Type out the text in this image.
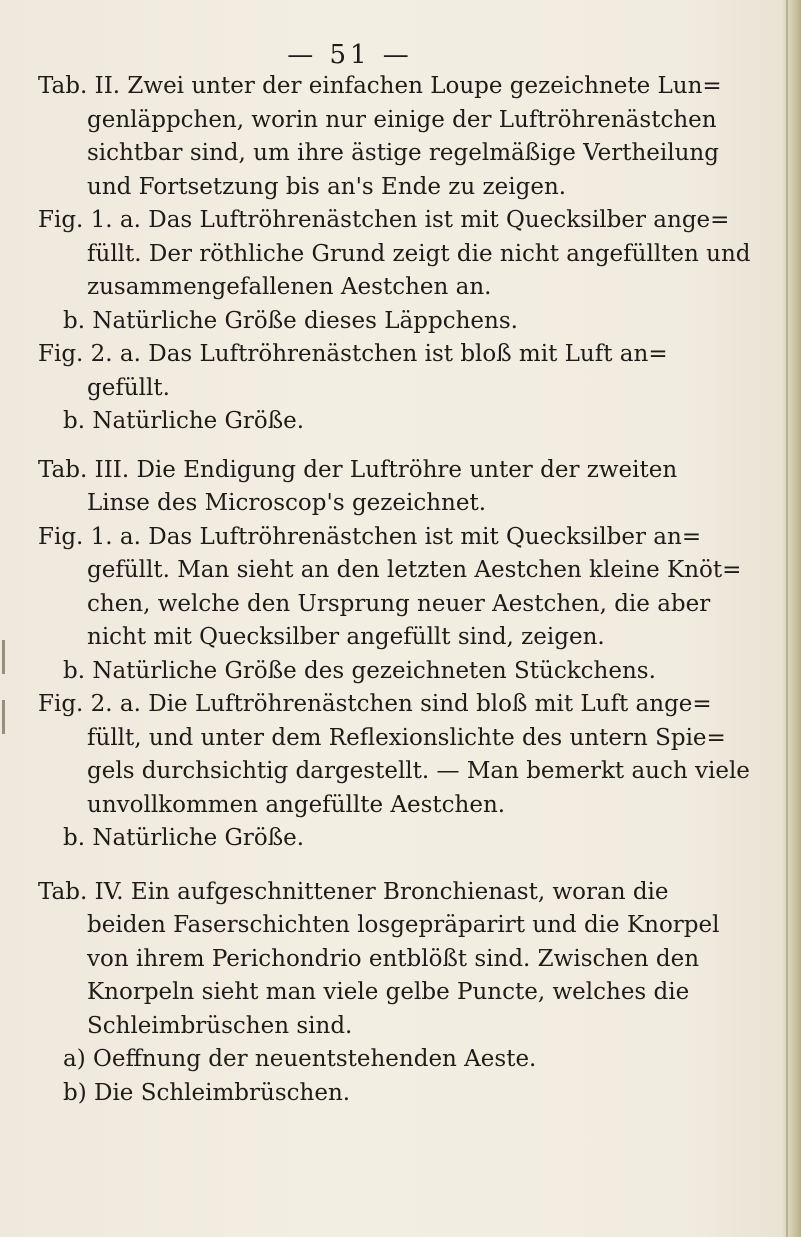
— 51 —
Tab. II. Zwei unter der einfachen Loupe gezeichnete Lun=
genläppchen, worin nur einige der Luftröhrenästchen
sichtbar sind, um ihre ästige regelmäßige Vertheilung
und Fortsetzung bis an's Ende zu zeigen.
Fig. 1. a. Das Luftröhrenästchen ist mit Quecksilber ange=
füllt. Der röthliche Grund zeigt die nicht angefüllten und
zusammengefallenen Aestchen an.
b. Natürliche Größe dieses Läppchens.
Fig. 2. a. Das Luftröhrenästchen ist bloß mit Luft an=
gefüllt.
b. Natürliche Größe.
Tab. III. Die Endigung der Luftröhre unter der zweiten
Linse des Microscop's gezeichnet.
Fig. 1. a. Das Luftröhrenästchen ist mit Quecksilber an=
gefüllt. Man sieht an den letzten Aestchen kleine Knöt=
chen, welche den Ursprung neuer Aestchen, die aber
nicht mit Quecksilber angefüllt sind, zeigen.
b. Natürliche Größe des gezeichneten Stückchens.
Fig. 2. a. Die Luftröhrenästchen sind bloß mit Luft ange=
füllt, und unter dem Reflexionslichte des untern Spie=
gels durchsichtig dargestellt. — Man bemerkt auch viele
unvollkommen angefüllte Aestchen.
b. Natürliche Größe.
Tab. IV. Ein aufgeschnittener Bronchienast, woran die
beiden Faserschichten losgepräparirt und die Knorpel
von ihrem Perichondrio entblößt sind. Zwischen den
Knorpeln sieht man viele gelbe Puncte, welches die
Schleimbrüschen sind.
a) Oeffnung der neuentstehenden Aeste.
b) Die Schleimbrüschen.
